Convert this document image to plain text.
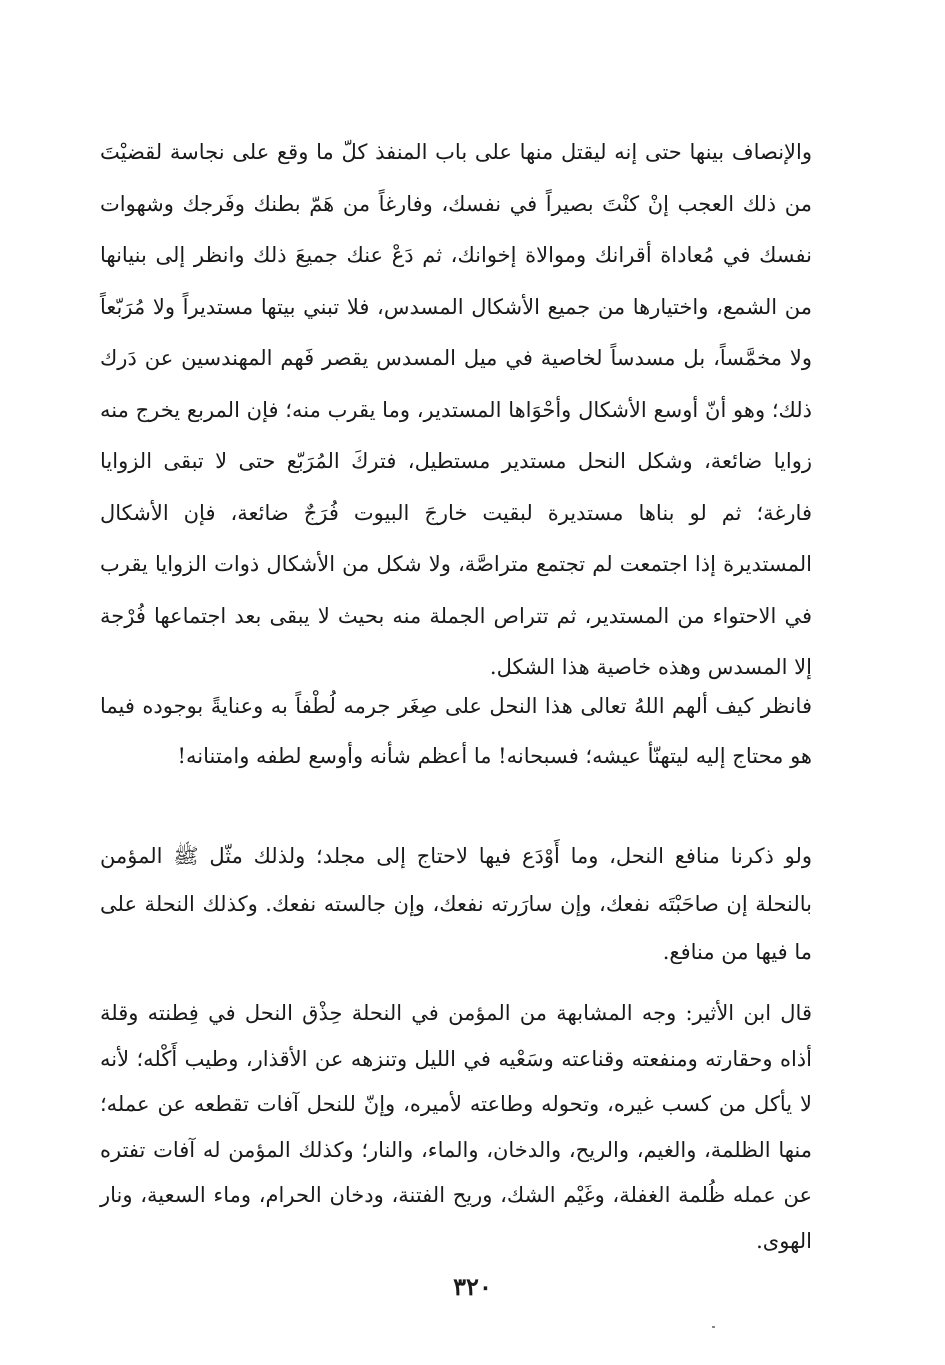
والإنصاف بينها حتى إنه ليقتل منها على باب المنفذ كلّ ما وقع على نجاسة لقضيْتَ من ذلك العجب إنْ كنْتَ بصيراً في نفسك، وفارغاً من هَمّ بطنك وفَرجك وشهوات نفسك في مُعاداة أقرانك وموالاة إخوانك، ثم دَعْ عنك جميعَ ذلك وانظر إلى بنيانها من الشمع، واختيارها من جميع الأشكال المسدس، فلا تبني بيتها مستديراً ولا مُرَبّعاً ولا مخمَّساً، بل مسدساً لخاصية في ميل المسدس يقصر فَهم المهندسين عن دَرك ذلك؛ وهو أنّ أوسع الأشكال وأحْوَاها المستدير، وما يقرب منه؛ فإن المربع يخرج منه زوايا ضائعة، وشكل النحل مستدير مستطيل، فتركَ المُرَبّع حتى لا تبقى الزوايا فارغة؛ ثم لو بناها مستديرة لبقيت خارجَ البيوت فُرَجٌ ضائعة، فإن الأشكال المستديرة إذا اجتمعت لم تجتمع متراصَّة، ولا شكل من الأشكال ذوات الزوايا يقرب في الاحتواء من المستدير، ثم تتراص الجملة منه بحيث لا يبقى بعد اجتماعها فُرْجة إلا المسدس وهذه خاصية هذا الشكل.

فانظر كيف ألهم اللهُ تعالى هذا النحل على صِغَر جرمه لُطْفاً به وعنايةً بوجوده فيما هو محتاج إليه ليتهنّأ عيشه؛ فسبحانه! ما أعظم شأنه وأوسع لطفه وامتنانه!

ولو ذكرنا منافع النحل، وما أَوْدَع فيها لاحتاج إلى مجلد؛ ولذلك مثّل ﷺ المؤمن بالنحلة إن صاحَبْتَه نفعك، وإن سارَرته نفعك، وإن جالسته نفعك. وكذلك النحلة على ما فيها من منافع.

قال ابن الأثير: وجه المشابهة من المؤمن في النحلة حِذْق النحل في فِطنته وقلة أذاه وحقارته ومنفعته وقناعته وسَعْيه في الليل وتنزهه عن الأقذار، وطيب أَكْله؛ لأنه لا يأكل من كسب غيره، وتحوله وطاعته لأميره، وإنّ للنحل آفات تقطعه عن عمله؛ منها الظلمة، والغيم، والريح، والدخان، والماء، والنار؛ وكذلك المؤمن له آفات تفتره عن عمله ظُلمة الغفلة، وغَيْم الشك، وريح الفتنة، ودخان الحرام، وماء السعية، ونار الهوى.

٣٢٠
